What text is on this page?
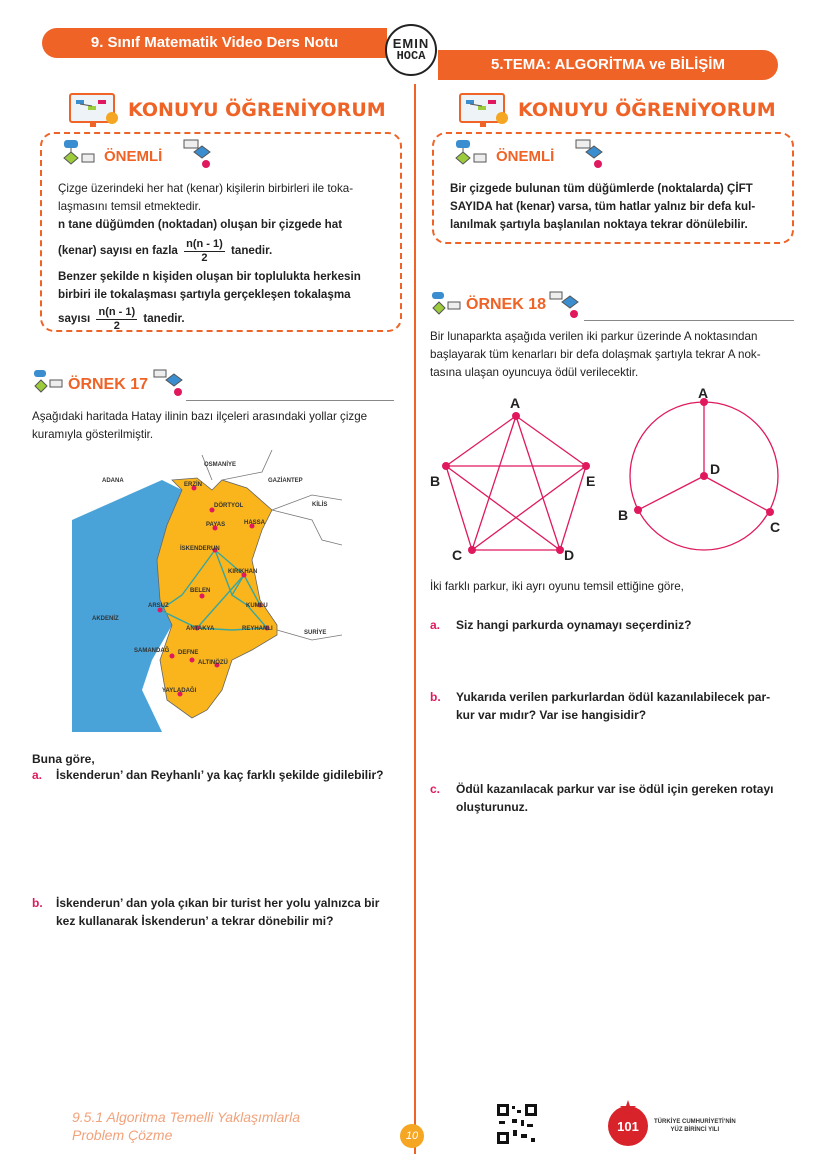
9. Sınıf Matematik Video Ders Notu
5.TEMA: ALGORİTMA ve BİLİŞİM
EMIN
HOCA
KONUYU ÖĞRENİYORUM
ÖNEMLİ
Çizge üzerindeki her hat (kenar) kişilerin birbirleri ile toka-
laşmasını temsil etmektedir.
n tane düğümden (noktadan) oluşan bir çizgede hat
(kenar) sayısı en fazla $\frac{n(n - 1)}{2}$ tanedir.
Benzer şekilde n kişiden oluşan bir toplulukta herkesin
birbiri ile tokalaşması şartıyla gerçekleşen tokalaşma
sayısı $\frac{n(n - 1)}{2}$ tanedir.
ÖRNEK 17
Aşağıdaki haritada Hatay ilinin bazı ilçeleri arasındaki yollar çizge
kuramıyla gösterilmiştir.
OSMANİYE
ADANA	GAZİANTEP
KİLİS
ERZİN
DÖRTYOL
PAYAS	HASSA
İSKENDERUN
KIRIKHAN
BELEN
ARSUZ	KUMLU
AKDENİZ
ANTAKYA	REYHANLI
SURİYE
SAMANDAĞ DEFNE
ALTINÖZÜ
YAYLADAĞI
Buna göre,
a. İskenderun’ dan Reyhanlı’ ya kaç farklı şekilde gidilebilir?
b. İskenderun’ dan yola çıkan bir turist her yolu yalnızca bir
kez kullanarak İskenderun’ a tekrar dönebilir mi?
KONUYU ÖĞRENİYORUM
ÖNEMLİ
Bir çizgede bulunan tüm düğümlerde (noktalarda) ÇİFT
SAYIDA hat (kenar) varsa, tüm hatlar yalnız bir defa kul-
lanılmak şartıyla başlanılan noktaya tekrar dönülebilir.
ÖRNEK 18
Bir lunaparkta aşağıda verilen iki parkur üzerinde A noktasından
başlayarak tüm kenarları bir defa dolaşmak şartıyla tekrar A nok-
tasına ulaşan oyuncuya ödül verilecektir.
A
B
C	D
E
A
D
B
C
İki farklı parkur, iki ayrı oyunu temsil ettiğine göre,
a. Siz hangi parkurda oynamayı seçerdiniz?
b. Yukarıda verilen parkurlardan ödül kazanılabilecek par-
kur var mıdır? Var ise hangisidir?
c. Ödül kazanılacak parkur var ise ödül için gereken rotayı
oluşturunuz.
9.5.1 Algoritma Temelli Yaklaşımlarla
Problem Çözme	10
101	TÜRKİYE CUMHURİYETİ’NİN
YÜZ BİRİNCİ YILI
